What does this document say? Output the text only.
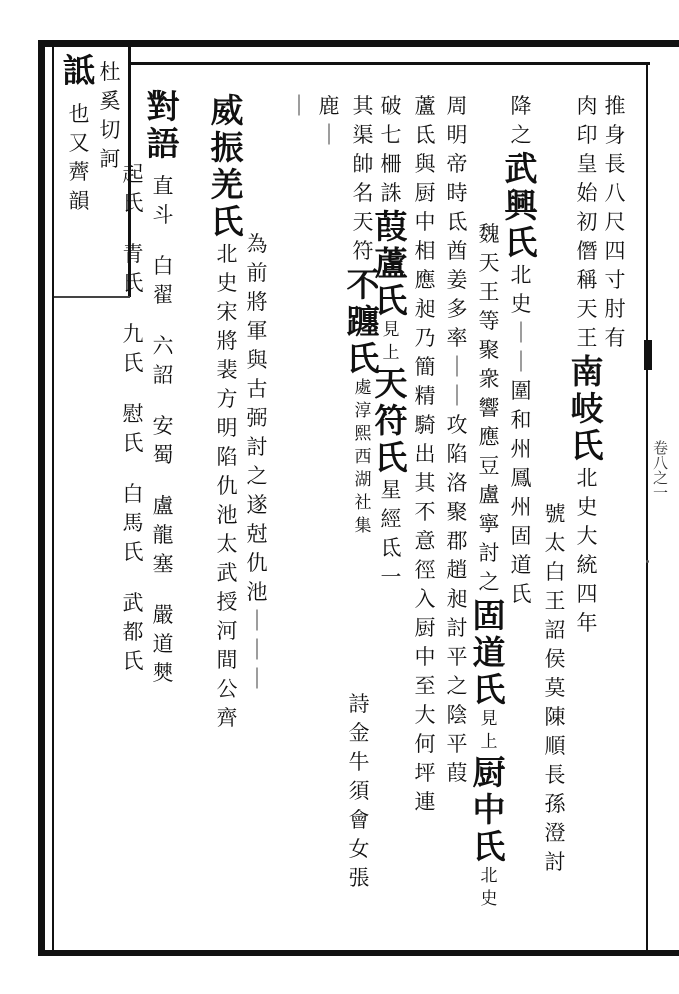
詆 杜
奚
切
訶
也
又
薺
韻
推
身
長
八
尺
四
寸
肘
有
肉
印
皇
始
初
僭
稱
天
王
南
岐
氏
北
史
大
統
四
年
號
太
白
王
詔
侯
莫
陳
順
長
孫
澄
討
降
之
武
興
氏
北
史
｜
｜
圍
和
州
鳳
州
固
道
氏
魏
天
王
等
聚
衆
響
應
豆
盧
寧
討
之
固
道
氏
見
上
厨
中
氏
北
史
周
明
帝
時
氐
酋
姜
多
率
｜
｜
攻
陷
洛
聚
郡
趙
昶
討
平
之
陰
平
葭
蘆
氐
與
厨
中
相
應
昶
乃
簡
精
騎
出
其
不
意
徑
入
厨
中
至
大
何
坪
連
破
七
柵
誅
葭
蘆
氏
見
上
天
符
氏
星
經
氐
一
其
渠
帥
名
天
符
不
躔
氏
處
淳
熙
西
湖
社
集
詩
金
牛
須
會
女
張
鹿
｜
｜
威
振
羌
氏
北
史
宋
將
裴
方
明
陷
仇
池
太
武
授
河
間
公
齊
為
前
將
軍
與
古
弼
討
之
遂
尅
仇
池
｜
｜
｜
對
語
直
斗
白
翟
六
詔
安
蜀
盧
龍
塞
嚴
道
僰
起
氏
青
氏
九
氏
慰
氏
白
馬
氏
武
都
氏
卷八之一
